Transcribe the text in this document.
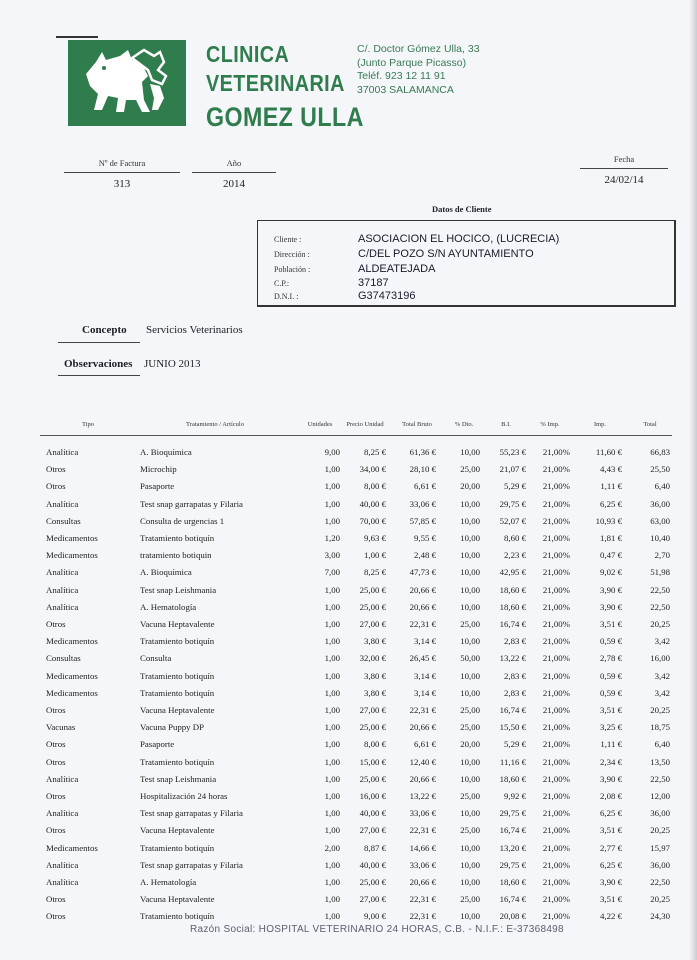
CLINICA
VETERINARIA
GOMEZ ULLA
C/. Doctor Gómez Ulla, 33
(Junto Parque Picasso)
Teléf. 923 12 11 91
37003 SALAMANCA
Nº de Factura
313
Año
2014
Fecha
24/02/14
Datos de Cliente
Cliente :	ASOCIACION EL HOCICO, (LUCRECIA)
Dirección :	C/DEL POZO S/N AYUNTAMIENTO
Población :	ALDEATEJADA
C.P.:	37187
D.N.I. :	G37473196
Concepto Servicios Veterinarios
Observaciones JUNIO 2013
Tipo	Tratamiento / Artículo	Unidades	Precio Unidad	Total Bruto	% Dto.	B.I.	% Imp.	Imp.	Total
Analítica	A. Bioquímica	9,00	8,25 €	61,36 €	10,00	55,23 €	21,00%	11,60 €	66,83
Otros	Microchip	1,00	34,00 €	28,10 €	25,00	21,07 €	21,00%	4,43 €	25,50
Otros	Pasaporte	1,00	8,00 €	6,61 €	20,00	5,29 €	21,00%	1,11 €	6,40
Analítica	Test snap garrapatas y Filaria	1,00	40,00 €	33,06 €	10,00	29,75 €	21,00%	6,25 €	36,00
Consultas	Consulta de urgencias 1	1,00	70,00 €	57,85 €	10,00	52,07 €	21,00%	10,93 €	63,00
Medicamentos	Tratamiento botiquín	1,20	9,63 €	9,55 €	10,00	8,60 €	21,00%	1,81 €	10,40
Medicamentos	tratamiento botiquin	3,00	1,00 €	2,48 €	10,00	2,23 €	21,00%	0,47 €	2,70
Analítica	A. Bioquímica	7,00	8,25 €	47,73 €	10,00	42,95 €	21,00%	9,02 €	51,98
Analítica	Test snap Leishmania	1,00	25,00 €	20,66 €	10,00	18,60 €	21,00%	3,90 €	22,50
Analítica	A. Hematología	1,00	25,00 €	20,66 €	10,00	18,60 €	21,00%	3,90 €	22,50
Otros	Vacuna Heptavalente	1,00	27,00 €	22,31 €	25,00	16,74 €	21,00%	3,51 €	20,25
Medicamentos	Tratamiento botiquín	1,00	3,80 €	3,14 €	10,00	2,83 €	21,00%	0,59 €	3,42
Consultas	Consulta	1,00	32,00 €	26,45 €	50,00	13,22 €	21,00%	2,78 €	16,00
Medicamentos	Tratamiento botiquín	1,00	3,80 €	3,14 €	10,00	2,83 €	21,00%	0,59 €	3,42
Medicamentos	Tratamiento botiquín	1,00	3,80 €	3,14 €	10,00	2,83 €	21,00%	0,59 €	3,42
Otros	Vacuna Heptavalente	1,00	27,00 €	22,31 €	25,00	16,74 €	21,00%	3,51 €	20,25
Vacunas	Vacuna Puppy DP	1,00	25,00 €	20,66 €	25,00	15,50 €	21,00%	3,25 €	18,75
Otros	Pasaporte	1,00	8,00 €	6,61 €	20,00	5,29 €	21,00%	1,11 €	6,40
Otros	Tratamiento botiquín	1,00	15,00 €	12,40 €	10,00	11,16 €	21,00%	2,34 €	13,50
Analítica	Test snap Leishmania	1,00	25,00 €	20,66 €	10,00	18,60 €	21,00%	3,90 €	22,50
Otros	Hospitalización 24 horas	1,00	16,00 €	13,22 €	25,00	9,92 €	21,00%	2,08 €	12,00
Analítica	Test snap garrapatas y Filaria	1,00	40,00 €	33,06 €	10,00	29,75 €	21,00%	6,25 €	36,00
Otros	Vacuna Heptavalente	1,00	27,00 €	22,31 €	25,00	16,74 €	21,00%	3,51 €	20,25
Medicamentos	Tratamiento botiquín	2,00	8,87 €	14,66 €	10,00	13,20 €	21,00%	2,77 €	15,97
Analítica	Test snap garrapatas y Filaria	1,00	40,00 €	33,06 €	10,00	29,75 €	21,00%	6,25 €	36,00
Analítica	A. Hematología	1,00	25,00 €	20,66 €	10,00	18,60 €	21,00%	3,90 €	22,50
Otros	Vacuna Heptavalente	1,00	27,00 €	22,31 €	25,00	16,74 €	21,00%	3,51 €	20,25
Otros	Tratamiento botiquín	1,00	9,00 €	22,31 €	10,00	20,08 €	21,00%	4,22 €	24,30
Razón Social: HOSPITAL VETERINARIO 24 HORAS, C.B. - N.I.F.: E-37368498
